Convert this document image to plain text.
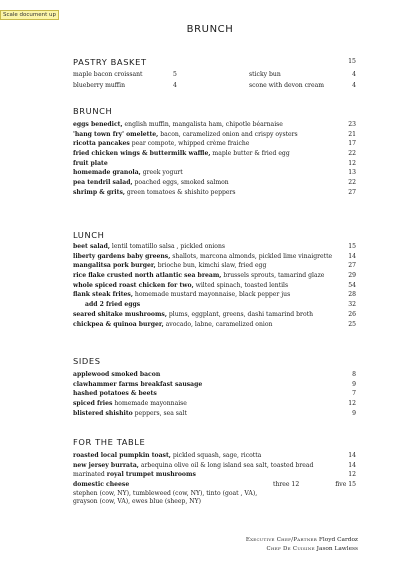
Scale document up
BRUNCH
PASTRY BASKET	15
maple bacon croissant	5	sticky bun	4
blueberry muffin	4	scone with devon cream	4
BRUNCH
eggs benedict, english muffin, mangalista ham, chipotle béarnaise	23
'hang town fry' omelette, bacon, caramelized onion and crispy oysters	21
ricotta pancakes pear compote, whipped crème fraiche	17
fried chicken wings & buttermilk waffle, maple butter & fried egg	22
fruit plate	12
homemade granola, greek yogurt	13
pea tendril salad, poached eggs, smoked salmon	22
shrimp & grits, green tomatoes & shishito peppers	27
LUNCH
beet salad, lentil tomatillo salsa , pickled onions	15
liberty gardens baby greens, shallots, marcona almonds, pickled lime vinaigrette	14
mangalitsa pork burger, brioche bun, kimchi slaw, fried egg	27
rice flake crusted north atlantic sea bream, brussels sprouts, tamarind glaze	29
whole spiced roast chicken for two, wilted spinach, toasted lentils	54
flank steak frites, homemade mustard mayonnaise, black pepper jus	28
add 2 fried eggs	32
seared shitake mushrooms, plums, eggplant, greens, dashi tamarind broth	26
chickpea & quinoa burger, avocado, labne, caramelized onion	25
SIDES
applewood smoked bacon	8
clawhammer farms breakfast sausage	9
hashed potatoes & beets	7
spiced fries homemade mayonnaise	12
blistered shishito peppers, sea salt	9
FOR THE TABLE
roasted local pumpkin toast, pickled squash, sage, ricotta	14
new jersey burrata, arbequina olive oil & long island sea salt, toasted bread	14
marinated royal trumpet mushrooms	12
domestic cheese	three 12	five 15
stephen (cow, NY), tumbleweed (cow, NY), tinto (goat , VA), grayson (cow, VA), ewes blue (sheep, NY)
Executive Chef/Partner Floyd Cardoz
Chef De Cuisine Jason Lawless
